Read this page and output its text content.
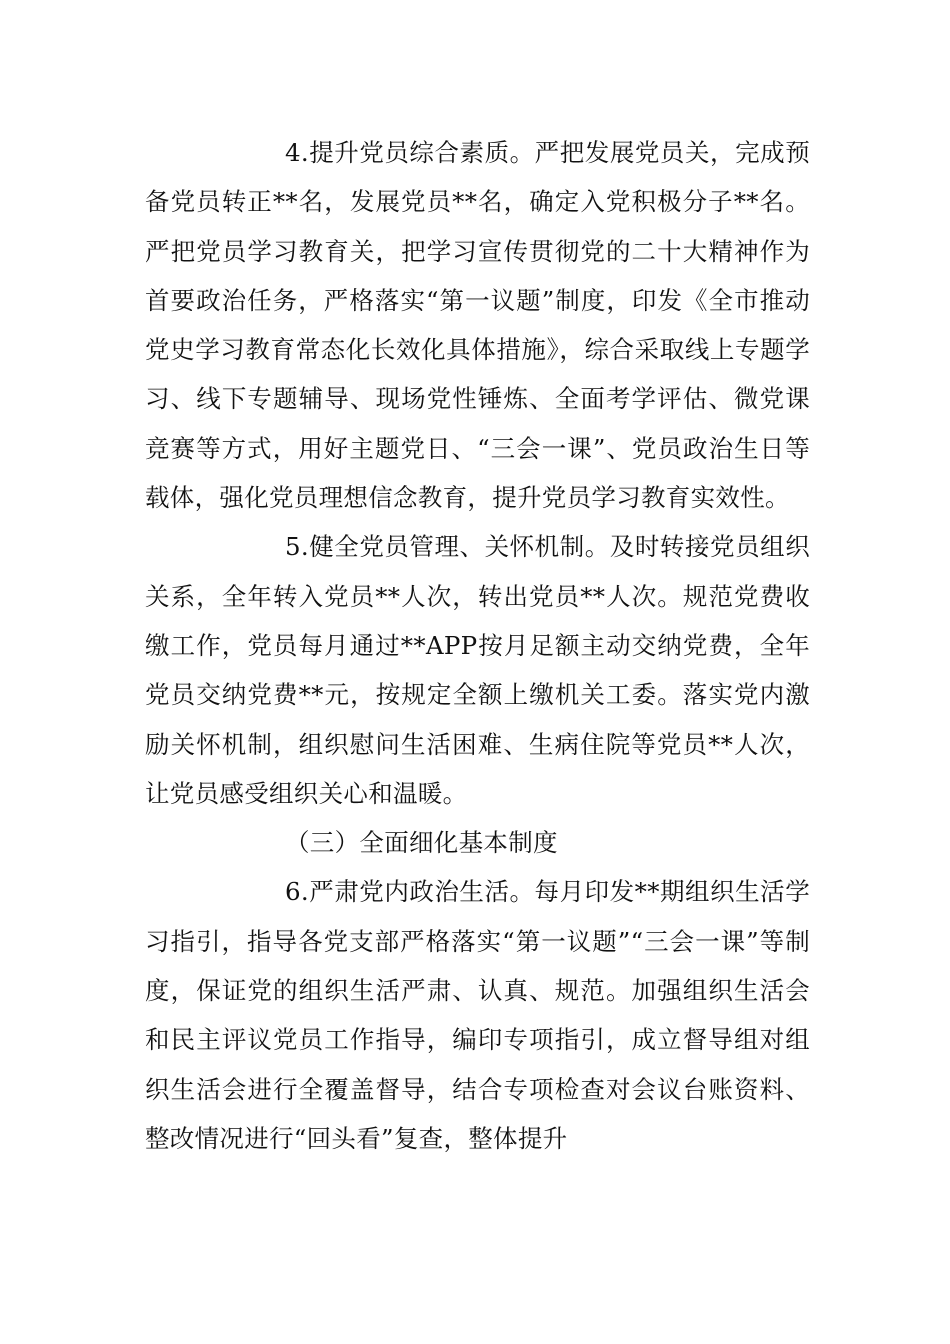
4.提升党员综合素质。严把发展党员关，完成预备党员转正**名，发展党员**名，确定入党积极分子**名。严把党员学习教育关，把学习宣传贯彻党的二十大精神作为首要政治任务，严格落实“第一议题”制度，印发《全市推动党史学习教育常态化长效化具体措施》，综合采取线上专题学习、线下专题辅导、现场党性锤炼、全面考学评估、微党课竞赛等方式，用好主题党日、“三会一课”、党员政治生日等载体，强化党员理想信念教育，提升党员学习教育实效性。

5.健全党员管理、关怀机制。及时转接党员组织关系，全年转入党员**人次，转出党员**人次。规范党费收缴工作，党员每月通过**APP按月足额主动交纳党费，全年党员交纳党费**元，按规定全额上缴机关工委。落实党内激励关怀机制，组织慰问生活困难、生病住院等党员**人次，让党员感受组织关心和温暖。

（三）全面细化基本制度

6.严肃党内政治生活。每月印发**期组织生活学习指引，指导各党支部严格落实“第一议题”“三会一课”等制度，保证党的组织生活严肃、认真、规范。加强组织生活会和民主评议党员工作指导，编印专项指引，成立督导组对组织生活会进行全覆盖督导，结合专项检查对会议台账资料、整改情况进行“回头看”复查，整体提升
